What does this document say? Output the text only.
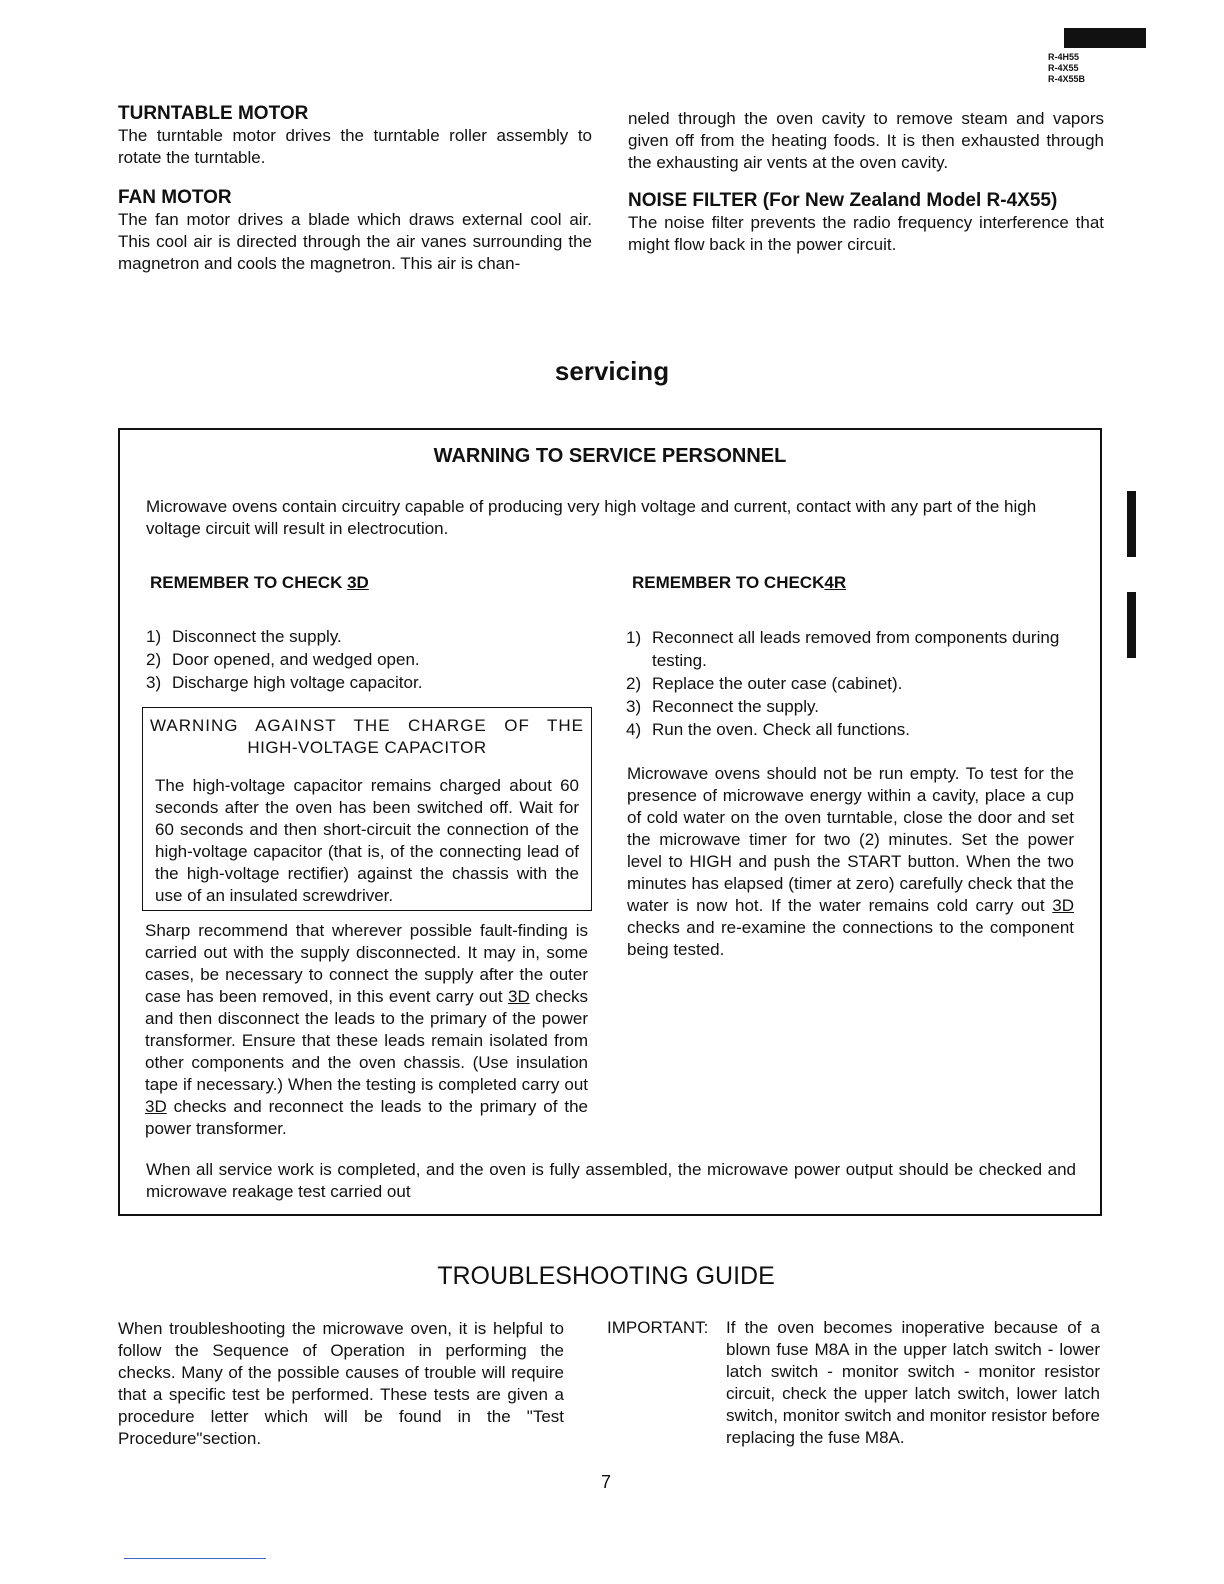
R-4H55
R-4X55
R-4X55B
TURNTABLE MOTOR

The turntable motor drives the turntable roller assembly to rotate the turntable.

FAN MOTOR

The fan motor drives a blade which draws external cool air. This cool air is directed through the air vanes surrounding the magnetron and cools the magnetron. This air is chan-

neled through the oven cavity to remove steam and vapors given off from the heating foods. It is then exhausted through the exhausting air vents at the oven cavity.

NOISE FILTER (For New Zealand Model R-4X55)

The noise filter prevents the radio frequency interference that might flow back in the power circuit.

servicing
WARNING TO SERVICE PERSONNEL
Microwave ovens contain circuitry capable of producing very high voltage and current, contact with any part of the high voltage circuit will result in electrocution.
REMEMBER TO CHECK 3D
1) Disconnect the supply.
2) Door opened, and wedged open.
3) Discharge high voltage capacitor.
WARNING AGAINST THE CHARGE OF THE
HIGH-VOLTAGE CAPACITOR
The high-voltage capacitor remains charged about 60 seconds after the oven has been switched off. Wait for 60 seconds and then short-circuit the connection of the high-voltage capacitor (that is, of the connecting lead of the high-voltage rectifier) against the chassis with the use of an insulated screwdriver.
Sharp recommend that wherever possible fault-finding is carried out with the supply disconnected. It may in, some cases, be necessary to connect the supply after the outer case has been removed, in this event carry out 3D checks and then disconnect the leads to the primary of the power transformer. Ensure that these leads remain isolated from other components and the oven chassis. (Use insulation tape if necessary.) When the testing is completed carry out 3D checks and reconnect the leads to the primary of the power transformer.
REMEMBER TO CHECK4R
1) Reconnect all leads removed from components during testing.
2) Replace the outer case (cabinet).
3) Reconnect the supply.
4) Run the oven. Check all functions.
Microwave ovens should not be run empty. To test for the presence of microwave energy within a cavity, place a cup of cold water on the oven turntable, close the door and set the microwave timer for two (2) minutes. Set the power level to HIGH and push the START button. When the two minutes has elapsed (timer at zero) carefully check that the water is now hot. If the water remains cold carry out 3D checks and re-examine the connections to the component being tested.
When all service work is completed, and the oven is fully assembled, the microwave power output should be checked and microwave reakage test carried out
TROUBLESHOOTING GUIDE
When troubleshooting the microwave oven, it is helpful to follow the Sequence of Operation in performing the checks. Many of the possible causes of trouble will require that a specific test be performed. These tests are given a procedure letter which will be found in the "Test Procedure"section.
IMPORTANT: If the oven becomes inoperative because of a blown fuse M8A in the upper latch switch - lower latch switch - monitor switch - monitor resistor circuit, check the upper latch switch, lower latch switch, monitor switch and monitor resistor before replacing the fuse M8A.
7
